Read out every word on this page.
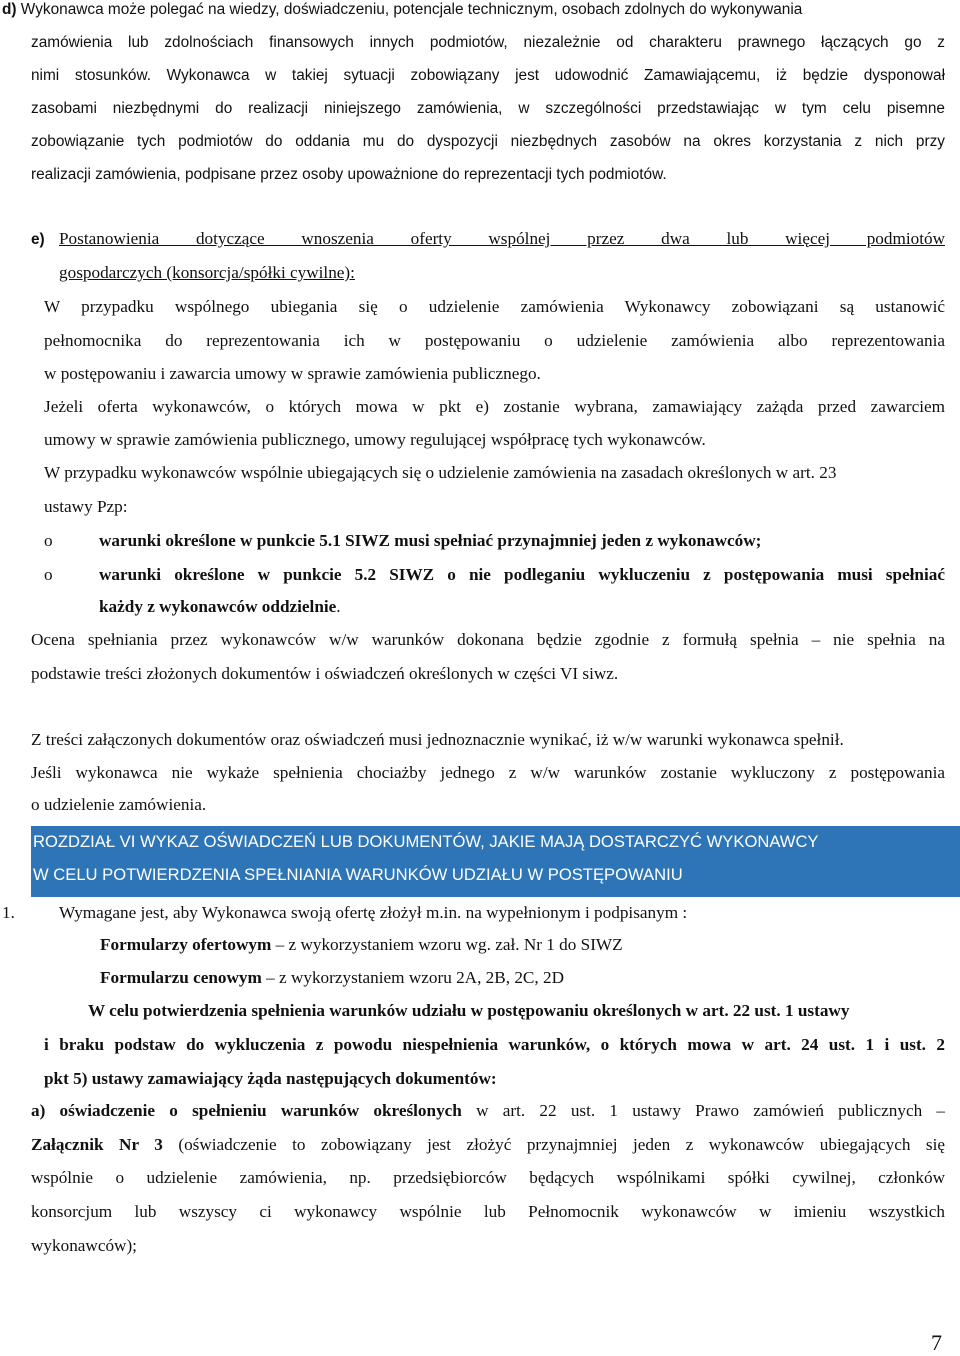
d) Wykonawca może polegać na wiedzy, doświadczeniu, potencjale technicznym, osobach zdolnych do wykonywania
zamówienia lub zdolnościach finansowych innych podmiotów, niezależnie od charakteru prawnego łączących go z
nimi stosunków. Wykonawca w takiej sytuacji zobowiązany jest udowodnić Zamawiającemu, iż będzie dysponował
zasobami niezbędnymi do realizacji niniejszego zamówienia, w szczególności przedstawiając w tym celu pisemne
zobowiązanie tych podmiotów do oddania mu do dyspozycji niezbędnych zasobów na okres korzystania z nich przy
realizacji zamówienia, podpisane przez osoby upoważnione do reprezentacji tych podmiotów.
e) Postanowienia dotyczące wnoszenia oferty wspólnej przez dwa lub więcej podmiotów
gospodarczych (konsorcja/spółki cywilne):
W przypadku wspólnego ubiegania się o udzielenie zamówienia Wykonawcy zobowiązani są ustanowić
pełnomocnika do reprezentowania ich w postępowaniu o udzielenie zamówienia albo reprezentowania
w postępowaniu i zawarcia umowy w sprawie zamówienia publicznego.
Jeżeli oferta wykonawców, o których mowa w pkt e) zostanie wybrana, zamawiający zażąda przed zawarciem
umowy w sprawie zamówienia publicznego, umowy regulującej współpracę tych wykonawców.
W przypadku wykonawców wspólnie ubiegających się o udzielenie zamówienia na zasadach określonych w art. 23
ustawy Pzp:
o	warunki określone w punkcie 5.1 SIWZ musi spełniać przynajmniej jeden z wykonawców;
o	warunki określone w punkcie 5.2 SIWZ o nie podleganiu wykluczeniu z postępowania musi spełniać
każdy z wykonawców oddzielnie.
Ocena spełniania przez wykonawców w/w warunków dokonana będzie zgodnie z formułą spełnia – nie spełnia na
podstawie treści złożonych dokumentów i oświadczeń określonych w części VI siwz.
Z treści załączonych dokumentów oraz oświadczeń musi jednoznacznie wynikać, iż w/w warunki wykonawca spełnił.
Jeśli wykonawca nie wykaże spełnienia chociażby jednego z w/w warunków zostanie wykluczony z postępowania
o udzielenie zamówienia.
ROZDZIAŁ VI WYKAZ OŚWIADCZEŃ LUB DOKUMENTÓW, JAKIE MAJĄ DOSTARCZYĆ WYKONAWCY
W CELU POTWIERDZENIA SPEŁNIANIA WARUNKÓW UDZIAŁU W POSTĘPOWANIU
1.	Wymagane jest, aby Wykonawca swoją ofertę złożył m.in. na wypełnionym i podpisanym :
Formularzy ofertowym – z wykorzystaniem wzoru wg. zał. Nr 1 do SIWZ
Formularzu cenowym – z wykorzystaniem wzoru 2A, 2B, 2C, 2D
W celu potwierdzenia spełnienia warunków udziału w postępowaniu określonych w art. 22 ust. 1 ustawy
i braku podstaw do wykluczenia z powodu niespełnienia warunków, o których mowa w art. 24 ust. 1 i ust. 2
pkt 5) ustawy zamawiający żąda następujących dokumentów:
a) oświadczenie o spełnieniu warunków określonych w art. 22 ust. 1 ustawy Prawo zamówień publicznych –
Załącznik Nr 3 (oświadczenie to zobowiązany jest złożyć przynajmniej jeden z wykonawców ubiegających się
wspólnie o udzielenie zamówienia, np. przedsiębiorców będących wspólnikami spółki cywilnej, członków
konsorcjum lub wszyscy ci wykonawcy wspólnie lub Pełnomocnik wykonawców w imieniu wszystkich
wykonawców);
7
